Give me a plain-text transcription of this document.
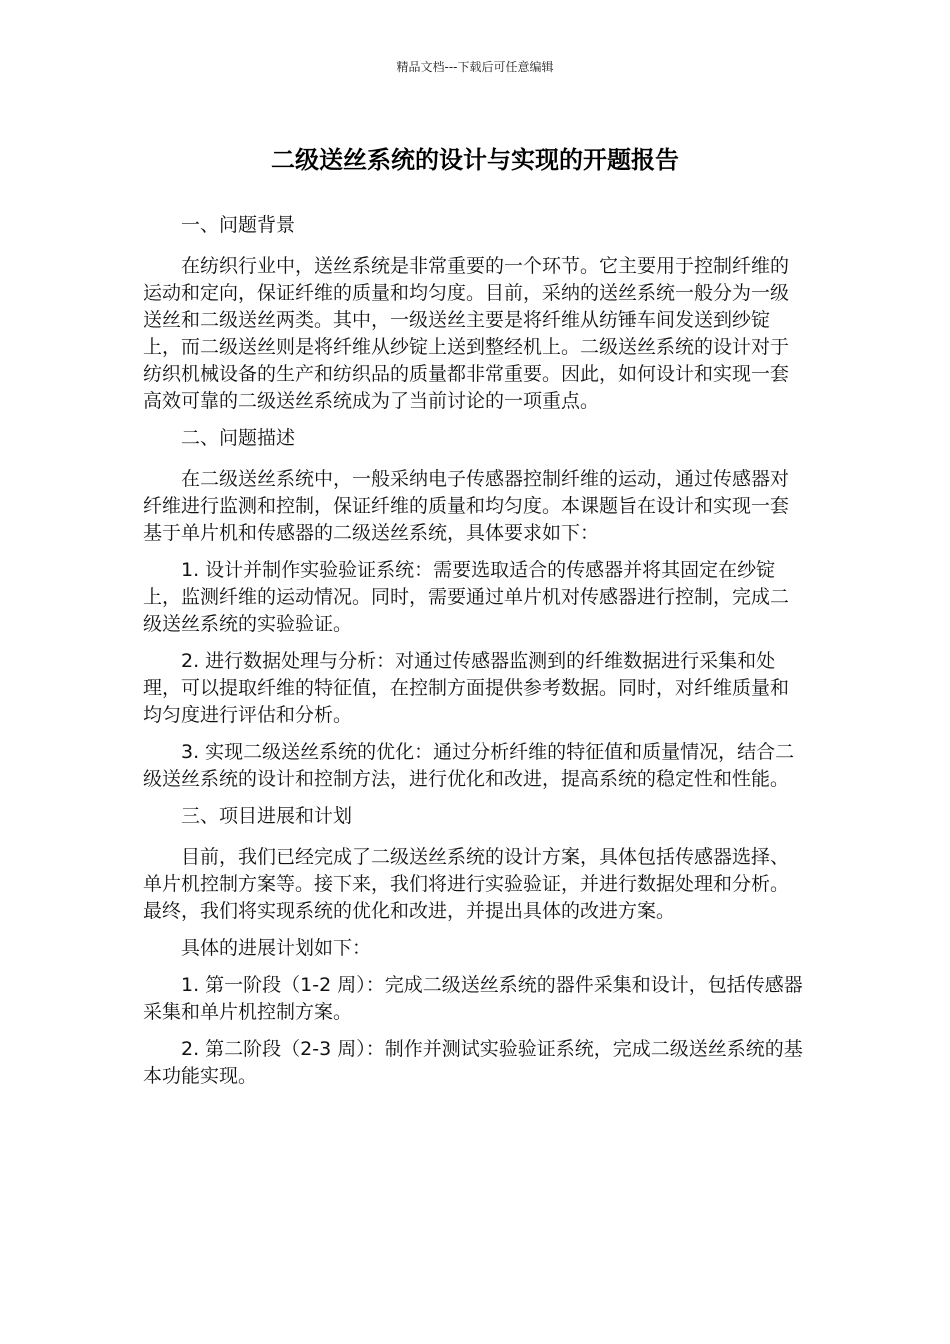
精品文档---下载后可任意编辑
二级送丝系统的设计与实现的开题报告

一、问题背景

在纺织行业中，送丝系统是非常重要的一个环节。它主要用于控制纤维的运动和定向，保证纤维的质量和均匀度。目前，采纳的送丝系统一般分为一级送丝和二级送丝两类。其中，一级送丝主要是将纤维从纺锤车间发送到纱锭上，而二级送丝则是将纤维从纱锭上送到整经机上。二级送丝系统的设计对于纺织机械设备的生产和纺织品的质量都非常重要。因此，如何设计和实现一套高效可靠的二级送丝系统成为了当前讨论的一项重点。

二、问题描述

在二级送丝系统中，一般采纳电子传感器控制纤维的运动，通过传感器对纤维进行监测和控制，保证纤维的质量和均匀度。本课题旨在设计和实现一套基于单片机和传感器的二级送丝系统，具体要求如下：

1. 设计并制作实验验证系统：需要选取适合的传感器并将其固定在纱锭上，监测纤维的运动情况。同时，需要通过单片机对传感器进行控制，完成二级送丝系统的实验验证。

2. 进行数据处理与分析：对通过传感器监测到的纤维数据进行采集和处理，可以提取纤维的特征值，在控制方面提供参考数据。同时，对纤维质量和均匀度进行评估和分析。

3. 实现二级送丝系统的优化：通过分析纤维的特征值和质量情况，结合二级送丝系统的设计和控制方法，进行优化和改进，提高系统的稳定性和性能。

三、项目进展和计划

目前，我们已经完成了二级送丝系统的设计方案，具体包括传感器选择、单片机控制方案等。接下来，我们将进行实验验证，并进行数据处理和分析。最终，我们将实现系统的优化和改进，并提出具体的改进方案。

具体的进展计划如下：

1. 第一阶段（1-2 周）：完成二级送丝系统的器件采集和设计，包括传感器采集和单片机控制方案。

2. 第二阶段（2-3 周）：制作并测试实验验证系统，完成二级送丝系统的基本功能实现。
